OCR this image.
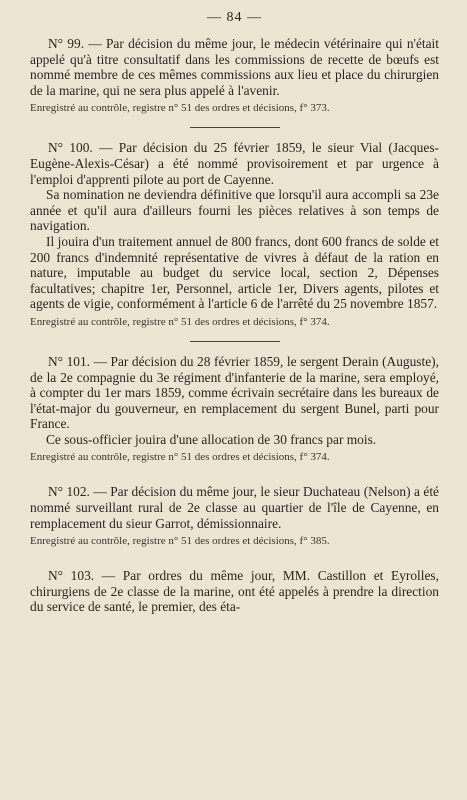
— 84 —

N° 99. — Par décision du même jour, le médecin vétérinaire qui n'était appelé qu'à titre consultatif dans les commissions de recette de bœufs est nommé membre de ces mêmes commissions aux lieu et place du chirurgien de la marine, qui ne sera plus appelé à l'avenir.

Enregistré au contrôle, registre n° 51 des ordres et décisions, f° 373.

N° 100. — Par décision du 25 février 1859, le sieur Vial (Jacques-Eugène-Alexis-César) a été nommé provisoirement et par urgence à l'emploi d'apprenti pilote au port de Cayenne.

Sa nomination ne deviendra définitive que lorsqu'il aura accompli sa 23e année et qu'il aura d'ailleurs fourni les pièces relatives à son temps de navigation.

Il jouira d'un traitement annuel de 800 francs, dont 600 francs de solde et 200 francs d'indemnité représentative de vivres à défaut de la ration en nature, imputable au budget du service local, section 2, Dépenses facultatives; chapitre 1er, Personnel, article 1er, Divers agents, pilotes et agents de vigie, conformément à l'article 6 de l'arrêté du 25 novembre 1857.

Enregistré au contrôle, registre n° 51 des ordres et décisions, f° 374.

N° 101. — Par décision du 28 février 1859, le sergent Derain (Auguste), de la 2e compagnie du 3e régiment d'infanterie de la marine, sera employé, à compter du 1er mars 1859, comme écrivain secrétaire dans les bureaux de l'état-major du gouverneur, en remplacement du sergent Bunel, parti pour France.

Ce sous-officier jouira d'une allocation de 30 francs par mois.

Enregistré au contrôle, registre n° 51 des ordres et décisions, f° 374.

N° 102. — Par décision du même jour, le sieur Duchateau (Nelson) a été nommé surveillant rural de 2e classe au quartier de l'île de Cayenne, en remplacement du sieur Garrot, démissionnaire.

Enregistré au contrôle, registre n° 51 des ordres et décisions, f° 385.

N° 103. — Par ordres du même jour, MM. Castillon et Eyrolles, chirurgiens de 2e classe de la marine, ont été appelés à prendre la direction du service de santé, le premier, des éta-
